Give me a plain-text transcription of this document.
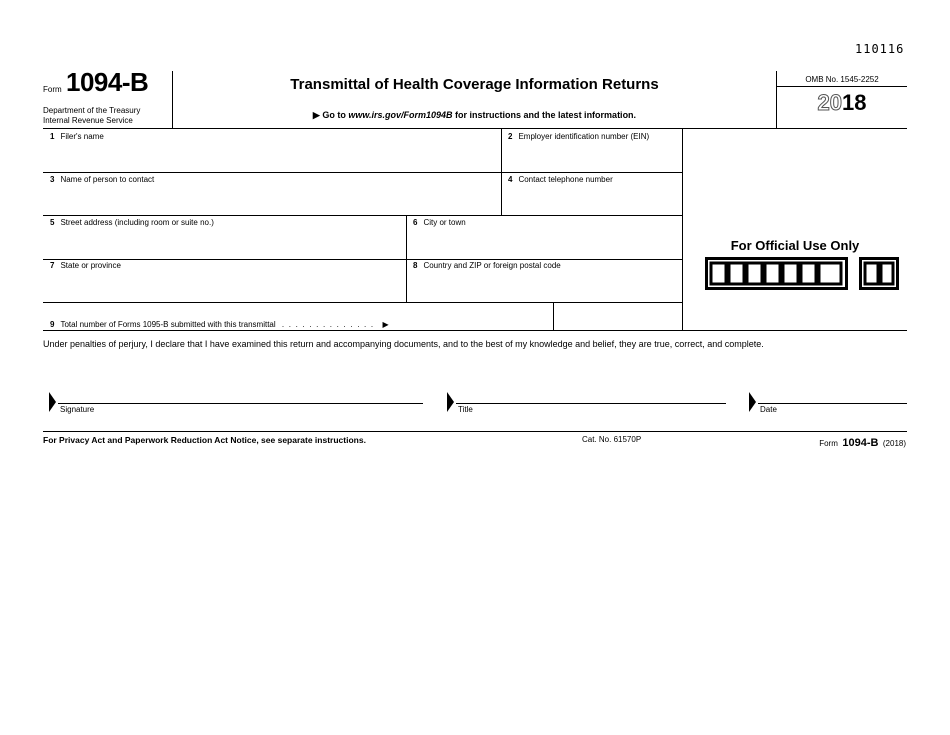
110116
Form 1094-B
Department of the Treasury
Internal Revenue Service
Transmittal of Health Coverage Information Returns
▶ Go to www.irs.gov/Form1094B for instructions and the latest information.
OMB No. 1545-2252
2018
1 Filer's name	2 Employer identification number (EIN)
3 Name of person to contact	4 Contact telephone number
5 Street address (including room or suite no.)	6 City or town
7 State or province	8 Country and ZIP or foreign postal code
9 Total number of Forms 1095-B submitted with this transmittal . . . . . . . . . . . . . . ▶
For Official Use Only
Under penalties of perjury, I declare that I have examined this return and accompanying documents, and to the best of my knowledge and belief, they are true, correct, and complete.
Signature	Title	Date
For Privacy Act and Paperwork Reduction Act Notice, see separate instructions.	Cat. No. 61570P	Form 1094-B (2018)
